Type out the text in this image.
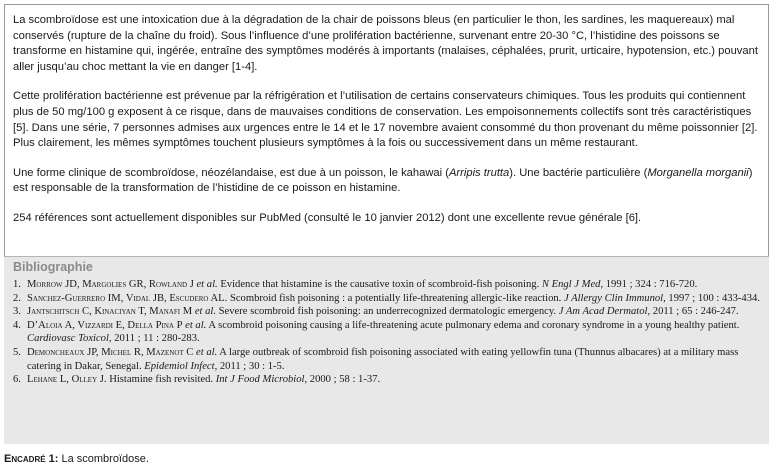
La scombroïdose est une intoxication due à la dégradation de la chair de poissons bleus (en particulier le thon, les sardines, les maquereaux) mal conservés (rupture de la chaîne du froid). Sous l’influence d’une prolifération bactérienne, survenant entre 20-30 °C, l’histidine des poissons se transforme en histamine qui, ingérée, entraîne des symptômes modérés à importants (malaises, céphalées, prurit, urticaire, hypotension, etc.) pouvant aller jusqu’au choc mettant la vie en danger [1-4].

Cette prolifération bactérienne est prévenue par la réfrigération et l’utilisation de certains conservateurs chimiques. Tous les produits qui contiennent plus de 50 mg/100 g exposent à ce risque, dans de mauvaises conditions de conservation. Les empoisonnements collectifs sont très caractéristiques [5]. Dans une série, 7 personnes admises aux urgences entre le 14 et le 17 novembre avaient consommé du thon provenant du même poissonnier [2]. Plus clairement, les mêmes symptômes touchent plusieurs symptômes à la fois ou successivement dans un même restaurant.

Une forme clinique de scombroïdose, néozélandaise, est due à un poisson, le kahawai (Arripis trutta). Une bactérie particulière (Morganella morganii) est responsable de la transformation de l’histidine de ce poisson en histamine.

254 références sont actuellement disponibles sur PubMed (consulté le 10 janvier 2012) dont une excellente revue générale [6].

Bibliographie
1. Morrow JD, Margolies GR, Rowland J et al. Evidence that histamine is the causative toxin of scombroid-fish poisoning. N Engl J Med, 1991 ; 324 : 716-720.
2. Sanchez-Guerrero IM, Vidal JB, Escudero AL. Scombroid fish poisoning : a potentially life-threatening allergic-like reaction. J Allergy Clin Immunol, 1997 ; 100 : 433-434.
3. Jantschitsch C, Kinaciyan T, Manafi M et al. Severe scombroid fish poisoning: an underrecognized dermatologic emergency. J Am Acad Dermatol, 2011 ; 65 : 246-247.
4. D’Aloia A, Vizzardi E, Della Pina P et al. A scombroid poisoning causing a life-threatening acute pulmonary edema and coronary syndrome in a young healthy patient. Cardiovasc Toxicol, 2011 ; 11 : 280-283.
5. Demoncheaux JP, Michel R, Mazenot C et al. A large outbreak of scombroid fish poisoning associated with eating yellowfin tuna (Thunnus albacares) at a military mass catering in Dakar, Senegal. Epidemiol Infect, 2011 ; 30 : 1-5.
6. Lehane L, Olley J. Histamine fish revisited. Int J Food Microbiol, 2000 ; 58 : 1-37.
Encadré 1: La scombroïdose.
